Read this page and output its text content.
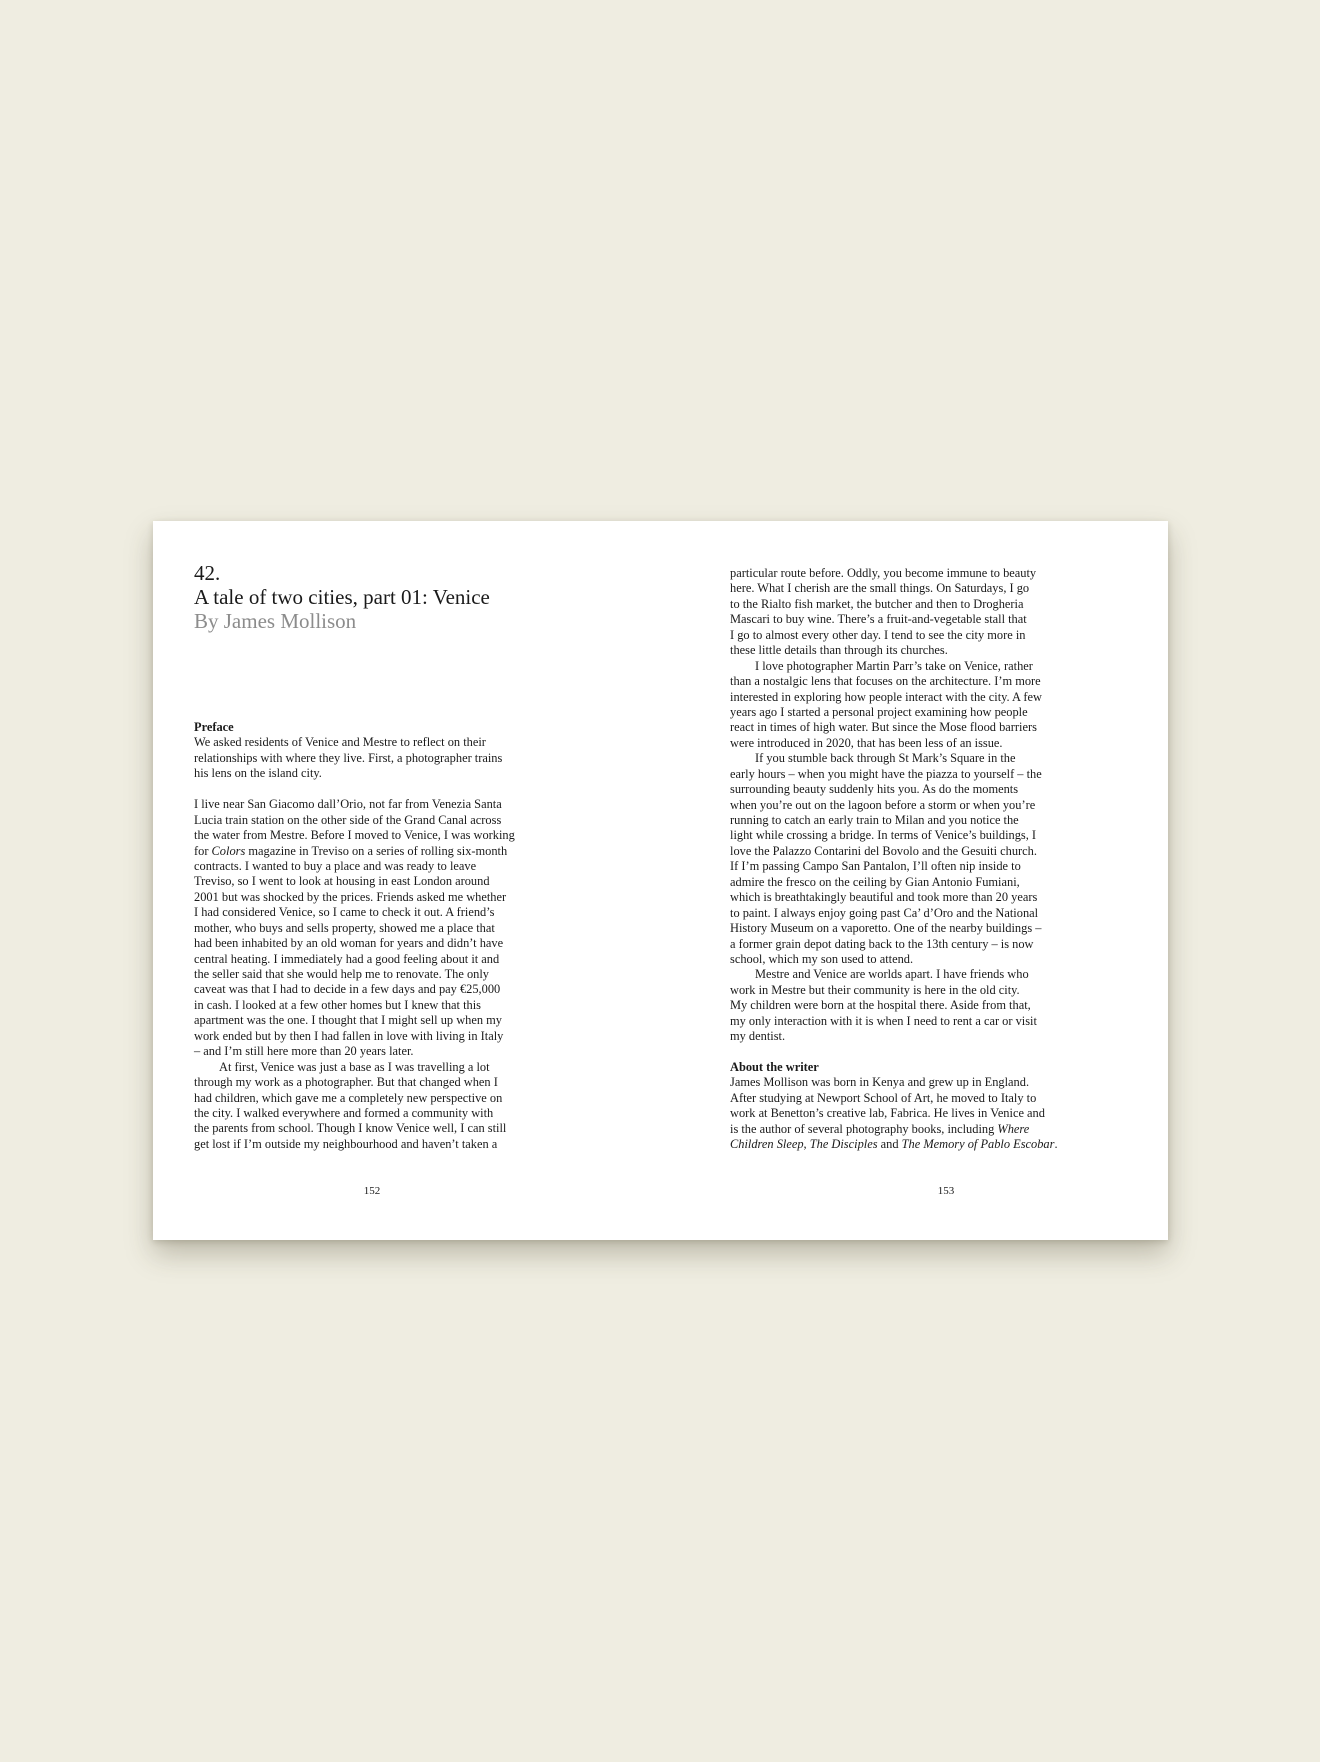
42.

A tale of two cities, part 01: Venice

By James Mollison

Preface
We asked residents of Venice and Mestre to reflect on their
relationships with where they live. First, a photographer trains
his lens on the island city.
I live near San Giacomo dall’Orio, not far from Venezia Santa
Lucia train station on the other side of the Grand Canal across
the water from Mestre. Before I moved to Venice, I was working
for Colors magazine in Treviso on a series of rolling six-month
contracts. I wanted to buy a place and was ready to leave
Treviso, so I went to look at housing in east London around
2001 but was shocked by the prices. Friends asked me whether
I had considered Venice, so I came to check it out. A friend’s
mother, who buys and sells property, showed me a place that
had been inhabited by an old woman for years and didn’t have
central heating. I immediately had a good feeling about it and
the seller said that she would help me to renovate. The only
caveat was that I had to decide in a few days and pay €25,000
in cash. I looked at a few other homes but I knew that this
apartment was the one. I thought that I might sell up when my
work ended but by then I had fallen in love with living in Italy
– and I’m still here more than 20 years later.
At first, Venice was just a base as I was travelling a lot
through my work as a photographer. But that changed when I
had children, which gave me a completely new perspective on
the city. I walked everywhere and formed a community with
the parents from school. Though I know Venice well, I can still
get lost if I’m outside my neighbourhood and haven’t taken a
152
particular route before. Oddly, you become immune to beauty
here. What I cherish are the small things. On Saturdays, I go
to the Rialto fish market, the butcher and then to Drogheria
Mascari to buy wine. There’s a fruit-and-vegetable stall that
I go to almost every other day. I tend to see the city more in
these little details than through its churches.
I love photographer Martin Parr’s take on Venice, rather
than a nostalgic lens that focuses on the architecture. I’m more
interested in exploring how people interact with the city. A few
years ago I started a personal project examining how people
react in times of high water. But since the Mose flood barriers
were introduced in 2020, that has been less of an issue.
If you stumble back through St Mark’s Square in the
early hours – when you might have the piazza to yourself – the
surrounding beauty suddenly hits you. As do the moments
when you’re out on the lagoon before a storm or when you’re
running to catch an early train to Milan and you notice the
light while crossing a bridge. In terms of Venice’s buildings, I
love the Palazzo Contarini del Bovolo and the Gesuiti church.
If I’m passing Campo San Pantalon, I’ll often nip inside to
admire the fresco on the ceiling by Gian Antonio Fumiani,
which is breathtakingly beautiful and took more than 20 years
to paint. I always enjoy going past Ca’ d’Oro and the National
History Museum on a vaporetto. One of the nearby buildings –
a former grain depot dating back to the 13th century – is now
school, which my son used to attend.
Mestre and Venice are worlds apart. I have friends who
work in Mestre but their community is here in the old city.
My children were born at the hospital there. Aside from that,
my only interaction with it is when I need to rent a car or visit
my dentist.
About the writer
James Mollison was born in Kenya and grew up in England.
After studying at Newport School of Art, he moved to Italy to
work at Benetton’s creative lab, Fabrica. He lives in Venice and
is the author of several photography books, including Where
Children Sleep, The Disciples and The Memory of Pablo Escobar.
153
